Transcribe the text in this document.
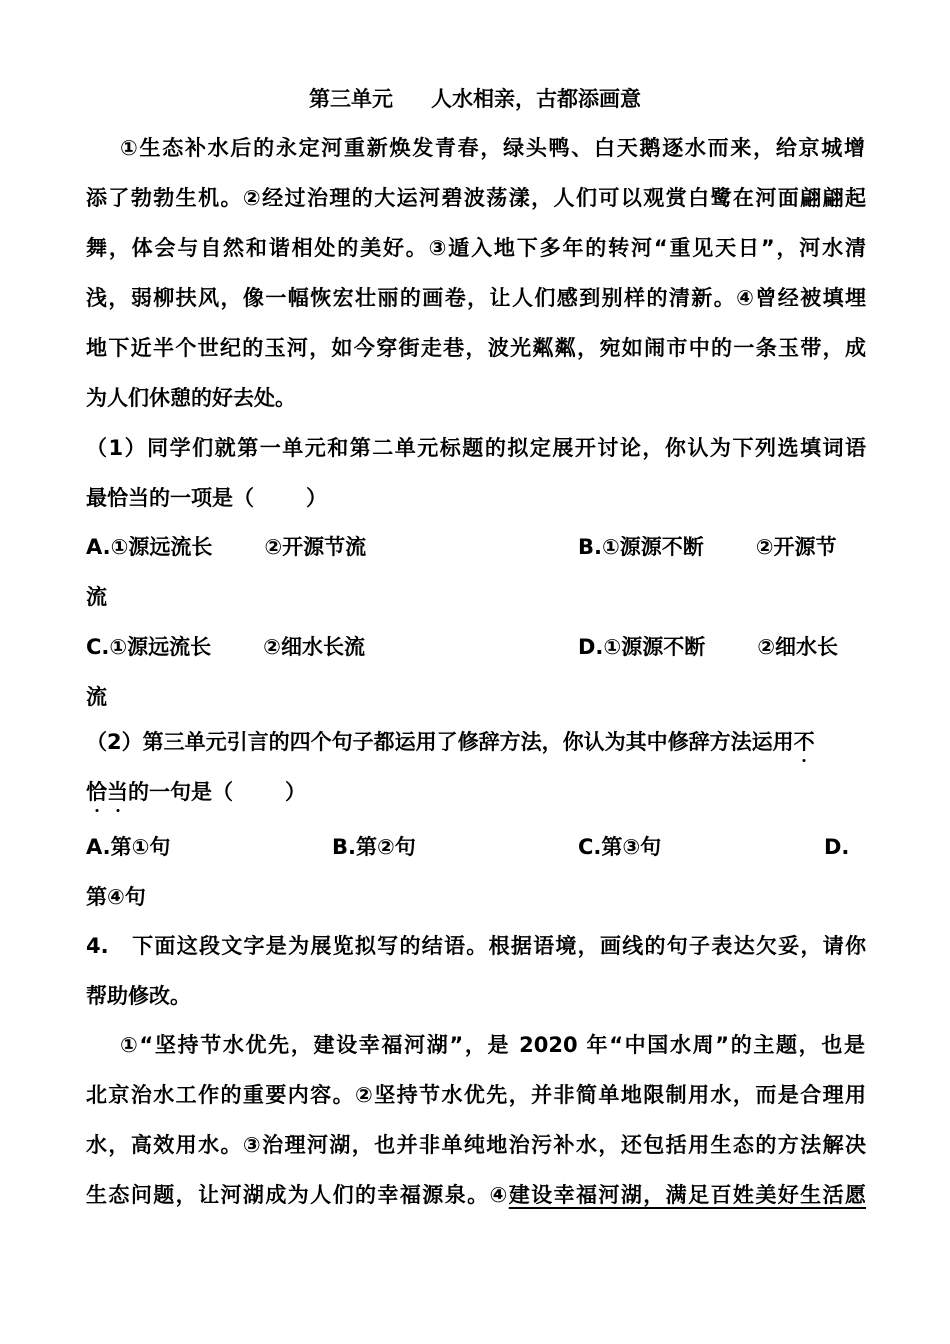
第三单元 人水相亲，古都添画意
①生态补水后的永定河重新焕发青春，绿头鸭、白天鹅逐水而来，给京城增
添了勃勃生机。②经过治理的大运河碧波荡漾，人们可以观赏白鹭在河面翩翩起
舞，体会与自然和谐相处的美好。③遁入地下多年的转河“重见天日”，河水清
浅，弱柳扶风，像一幅恢宏壮丽的画卷，让人们感到别样的清新。④曾经被填埋
地下近半个世纪的玉河，如今穿街走巷，波光粼粼，宛如闹市中的一条玉带，成
为人们休憩的好去处。
（1）同学们就第一单元和第二单元标题的拟定展开讨论，你认为下列选填词语
最恰当的一项是（ ）
A.①源远流长 ②开源节流	B.①源源不断 ②开源节
流
C.①源远流长 ②细水长流	D.①源源不断 ②细水长
流
（2）第三单元引言的四个句子都运用了修辞方法，你认为其中修辞方法运用不
恰当的一句是（ ）
A.第①句	B.第②句	C.第③句	D.
第④句
4.　下面这段文字是为展览拟写的结语。根据语境，画线的句子表达欠妥，请你
帮助修改。
①“坚持节水优先，建设幸福河湖”，是 2020 年“中国水周”的主题，也是
北京治水工作的重要内容。②坚持节水优先，并非简单地限制用水，而是合理用
水，高效用水。③治理河湖，也并非单纯地治污补水，还包括用生态的方法解决
生态问题，让河湖成为人们的幸福源泉。④建设幸福河湖，满足百姓美好生活愿
